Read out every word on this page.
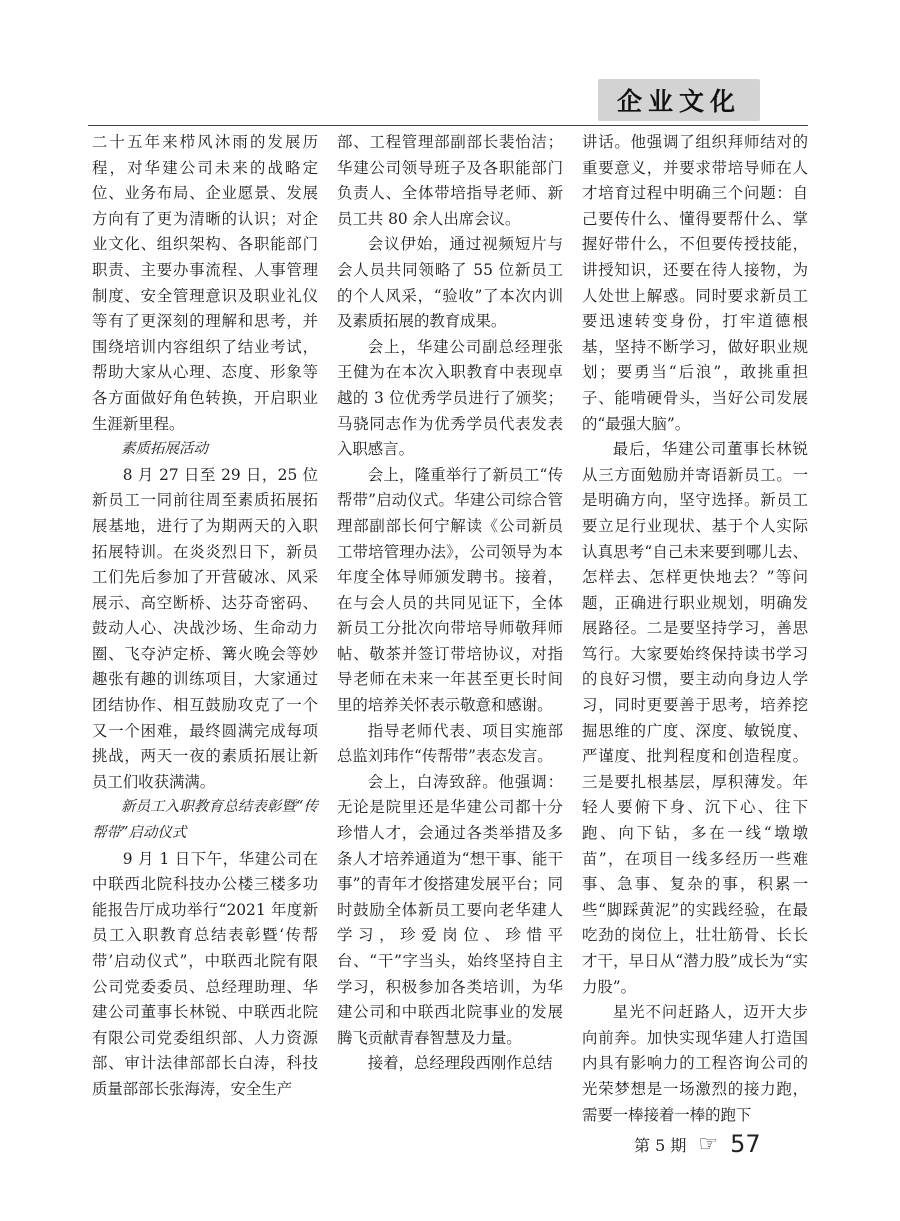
企业文化

二十五年来栉风沐雨的发展历程，对华建公司未来的战略定位、业务布局、企业愿景、发展方向有了更为清晰的认识；对企业文化、组织架构、各职能部门职责、主要办事流程、人事管理制度、安全管理意识及职业礼仪等有了更深刻的理解和思考，并围绕培训内容组织了结业考试，帮助大家从心理、态度、形象等各方面做好角色转换，开启职业生涯新里程。

素质拓展活动

8 月 27 日至 29 日，25 位新员工一同前往周至素质拓展拓展基地，进行了为期两天的入职拓展特训。在炎炎烈日下，新员工们先后参加了开营破冰、风采展示、高空断桥、达芬奇密码、鼓动人心、决战沙场、生命动力圈、飞夺泸定桥、篝火晚会等妙趣张有趣的训练项目，大家通过团结协作、相互鼓励攻克了一个又一个困难，最终圆满完成每项挑战，两天一夜的素质拓展让新员工们收获满满。

新员工入职教育总结表彰暨“传帮带”启动仪式

9 月 1 日下午，华建公司在中联西北院科技办公楼三楼多功能报告厅成功举行“2021 年度新员工入职教育总结表彰暨‘传帮带’启动仪式”，中联西北院有限公司党委委员、总经理助理、华建公司董事长林锐、中联西北院有限公司党委组织部、人力资源部、审计法律部部长白涛，科技质量部部长张海涛，安全生产

部、工程管理部副部长裴怡洁；华建公司领导班子及各职能部门负责人、全体带培指导老师、新员工共 80 余人出席会议。

会议伊始，通过视频短片与会人员共同领略了 55 位新员工的个人风采，“验收”了本次内训及素质拓展的教育成果。

会上，华建公司副总经理张王健为在本次入职教育中表现卓越的 3 位优秀学员进行了颁奖；马骁同志作为优秀学员代表发表入职感言。

会上，隆重举行了新员工“传帮带”启动仪式。华建公司综合管理部副部长何宁解读《公司新员工带培管理办法》，公司领导为本年度全体导师颁发聘书。接着，在与会人员的共同见证下，全体新员工分批次向带培导师敬拜师帖、敬茶并签订带培协议，对指导老师在未来一年甚至更长时间里的培养关怀表示敬意和感谢。

指导老师代表、项目实施部总监刘玮作“传帮带”表态发言。

会上，白涛致辞。他强调：无论是院里还是华建公司都十分珍惜人才，会通过各类举措及多条人才培养通道为“想干事、能干事”的青年才俊搭建发展平台；同时鼓励全体新员工要向老华建人学习，珍爱岗位、珍惜平台、“干”字当头，始终坚持自主学习，积极参加各类培训，为华建公司和中联西北院事业的发展腾飞贡献青春智慧及力量。

接着，总经理段西刚作总结

讲话。他强调了组织拜师结对的重要意义，并要求带培导师在人才培育过程中明确三个问题：自己要传什么、懂得要帮什么、掌握好带什么，不但要传授技能，讲授知识，还要在待人接物，为人处世上解惑。同时要求新员工要迅速转变身份，打牢道德根基，坚持不断学习，做好职业规划；要勇当“后浪”，敢挑重担子、能啃硬骨头，当好公司发展的“最强大脑”。

最后，华建公司董事长林锐从三方面勉励并寄语新员工。一是明确方向，坚守选择。新员工要立足行业现状、基于个人实际认真思考“自己未来要到哪儿去、怎样去、怎样更快地去？”等问题，正确进行职业规划，明确发展路径。二是要坚持学习，善思笃行。大家要始终保持读书学习的良好习惯，要主动向身边人学习，同时更要善于思考，培养挖掘思维的广度、深度、敏锐度、严谨度、批判程度和创造程度。三是要扎根基层，厚积薄发。年轻人要俯下身、沉下心、往下跑、向下钻，多在一线“墩墩苗”，在项目一线多经历一些难事、急事、复杂的事，积累一些“脚踩黄泥”的实践经验，在最吃劲的岗位上，壮壮筋骨、长长才干，早日从“潜力股”成长为“实力股”。

星光不问赶路人，迈开大步向前奔。加快实现华建人打造国内具有影响力的工程咨询公司的光荣梦想是一场激烈的接力跑，需要一棒接着一棒的跑下

第 5 期 ☞ 57
